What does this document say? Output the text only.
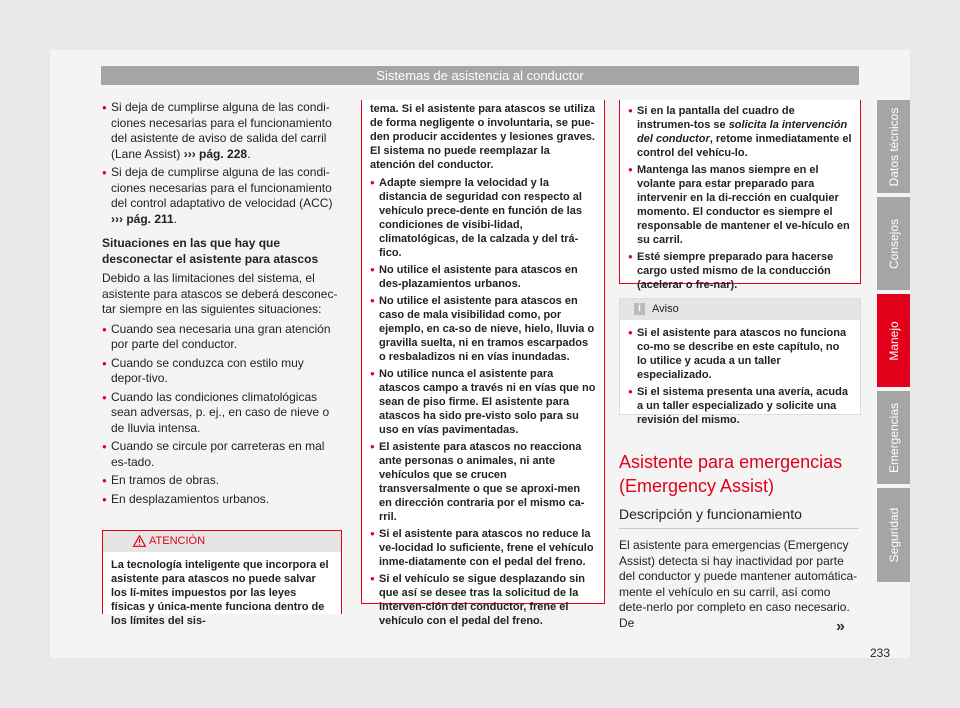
Sistemas de asistencia al conductor
● Si deja de cumplirse alguna de las condi-ciones necesarias para el funcionamiento del asistente de aviso de salida del carril (Lane Assist) ››› pág. 228.
● Si deja de cumplirse alguna de las condi-ciones necesarias para el funcionamiento del control adaptativo de velocidad (ACC) ››› pág. 211.

Situaciones en las que hay que desconectar el asistente para atascos

Debido a las limitaciones del sistema, el asistente para atascos se deberá desconec-tar siempre en las siguientes situaciones:

● Cuando sea necesaria una gran atención por parte del conductor.
● Cuando se conduzca con estilo muy depor-tivo.
● Cuando las condiciones climatológicas sean adversas, p. ej., en caso de nieve o de lluvia intensa.
● Cuando se circule por carreteras en mal es-tado.
● En tramos de obras.
● En desplazamientos urbanos.
ATENCIÓN
La tecnología inteligente que incorpora el asistente para atascos no puede salvar los lí-mites impuestos por las leyes físicas y única-mente funciona dentro de los límites del sis-

tema. Si el asistente para atascos se utiliza de forma negligente o involuntaria, se pue-den producir accidentes y lesiones graves. El sistema no puede reemplazar la atención del conductor.

● Adapte siempre la velocidad y la distancia de seguridad con respecto al vehículo prece-dente en función de las condiciones de visibi-lidad, climatológicas, de la calzada y del trá-fico.
● No utilice el asistente para atascos en des-plazamientos urbanos.
● No utilice el asistente para atascos en caso de mala visibilidad como, por ejemplo, en ca-so de nieve, hielo, lluvia o gravilla suelta, ni en tramos escarpados o resbaladizos ni en vías inundadas.
● No utilice nunca el asistente para atascos campo a través ni en vías que no sean de piso firme. El asistente para atascos ha sido pre-visto solo para su uso en vías pavimentadas.
● El asistente para atascos no reacciona ante personas o animales, ni ante vehículos que se crucen transversalmente o que se aproxi-men en dirección contraria por el mismo ca-rril.
● Si el asistente para atascos no reduce la ve-locidad lo suficiente, frene el vehículo inme-diatamente con el pedal del freno.
● Si el vehículo se sigue desplazando sin que así se desee tras la solicitud de la interven-ción del conductor, frene el vehículo con el pedal del freno.
● Si en la pantalla del cuadro de instrumen-tos se solicita la intervención del conductor, retome inmediatamente el control del vehícu-lo.
● Mantenga las manos siempre en el volante para estar preparado para intervenir en la di-rección en cualquier momento. El conductor es siempre el responsable de mantener el ve-hículo en su carril.
● Esté siempre preparado para hacerse cargo usted mismo de la conducción (acelerar o fre-nar).
i	Aviso
● Si el asistente para atascos no funciona co-mo se describe en este capítulo, no lo utilice y acuda a un taller especializado.
● Si el sistema presenta una avería, acuda a un taller especializado y solicite una revisión del mismo.
Asistente para emergencias (Emergency Assist)
Descripción y funcionamiento
El asistente para emergencias (Emergency Assist) detecta si hay inactividad por parte del conductor y puede mantener automática-mente el vehículo en su carril, así como dete-nerlo por completo en caso necesario. De	»
233
Datos técnicos
Consejos
Manejo
Emergencias
Seguridad
